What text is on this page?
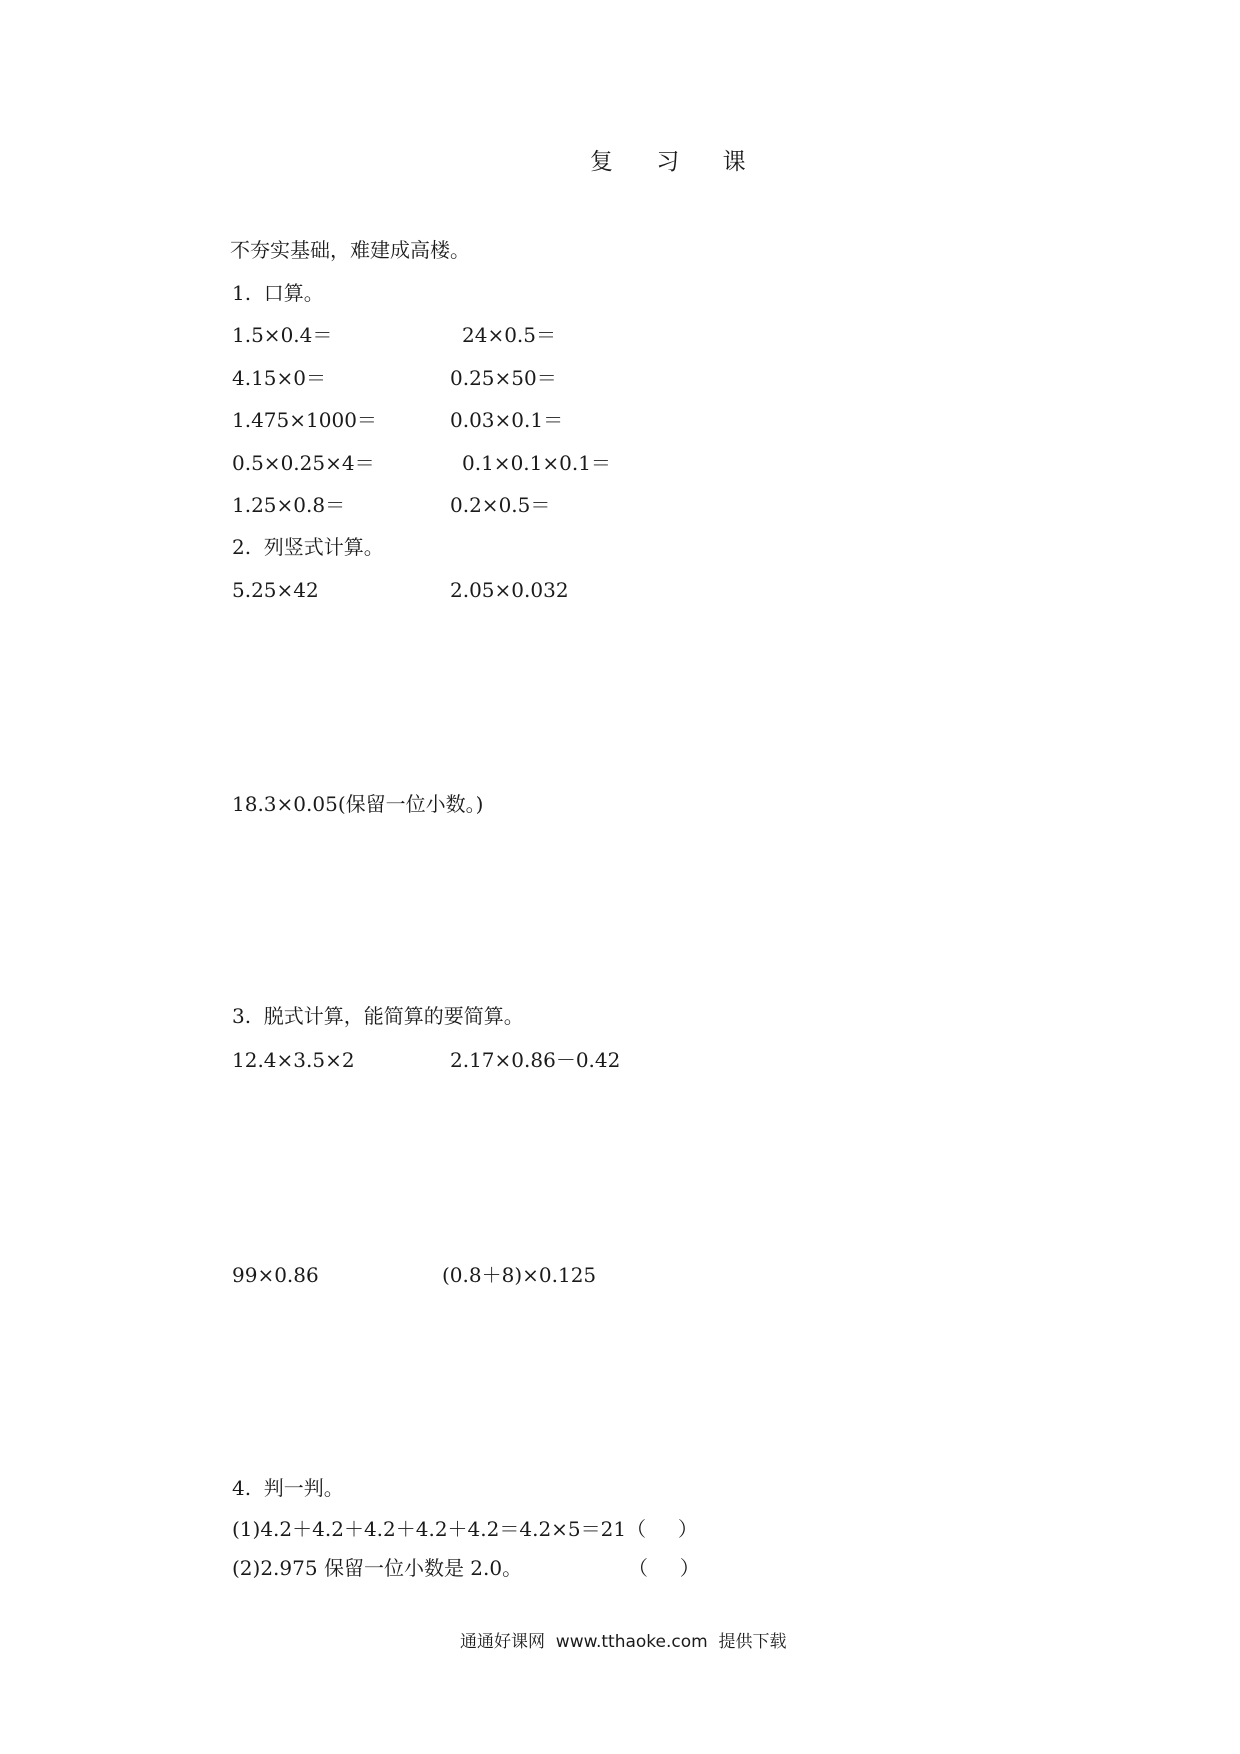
复 习 课
不夯实基础，难建成高楼。
1.  口算。
1.5×0.4＝	24×0.5＝
4.15×0＝	0.25×50＝
1.475×1000＝	0.03×0.1＝
0.5×0.25×4＝	0.1×0.1×0.1＝
1.25×0.8＝	0.2×0.5＝
2.  列竖式计算。
5.25×42	2.05×0.032
18.3×0.05(保留一位小数。)
3.  脱式计算，能简算的要简算。
12.4×3.5×2	2.17×0.86－0.42
99×0.86	(0.8＋8)×0.125
4.  判一判。
(1)4.2＋4.2＋4.2＋4.2＋4.2＝4.2×5＝21（     ）
(2)2.975 保留一位小数是 2.0。	（     ）
通通好课网  www.tthaoke.com  提供下载
